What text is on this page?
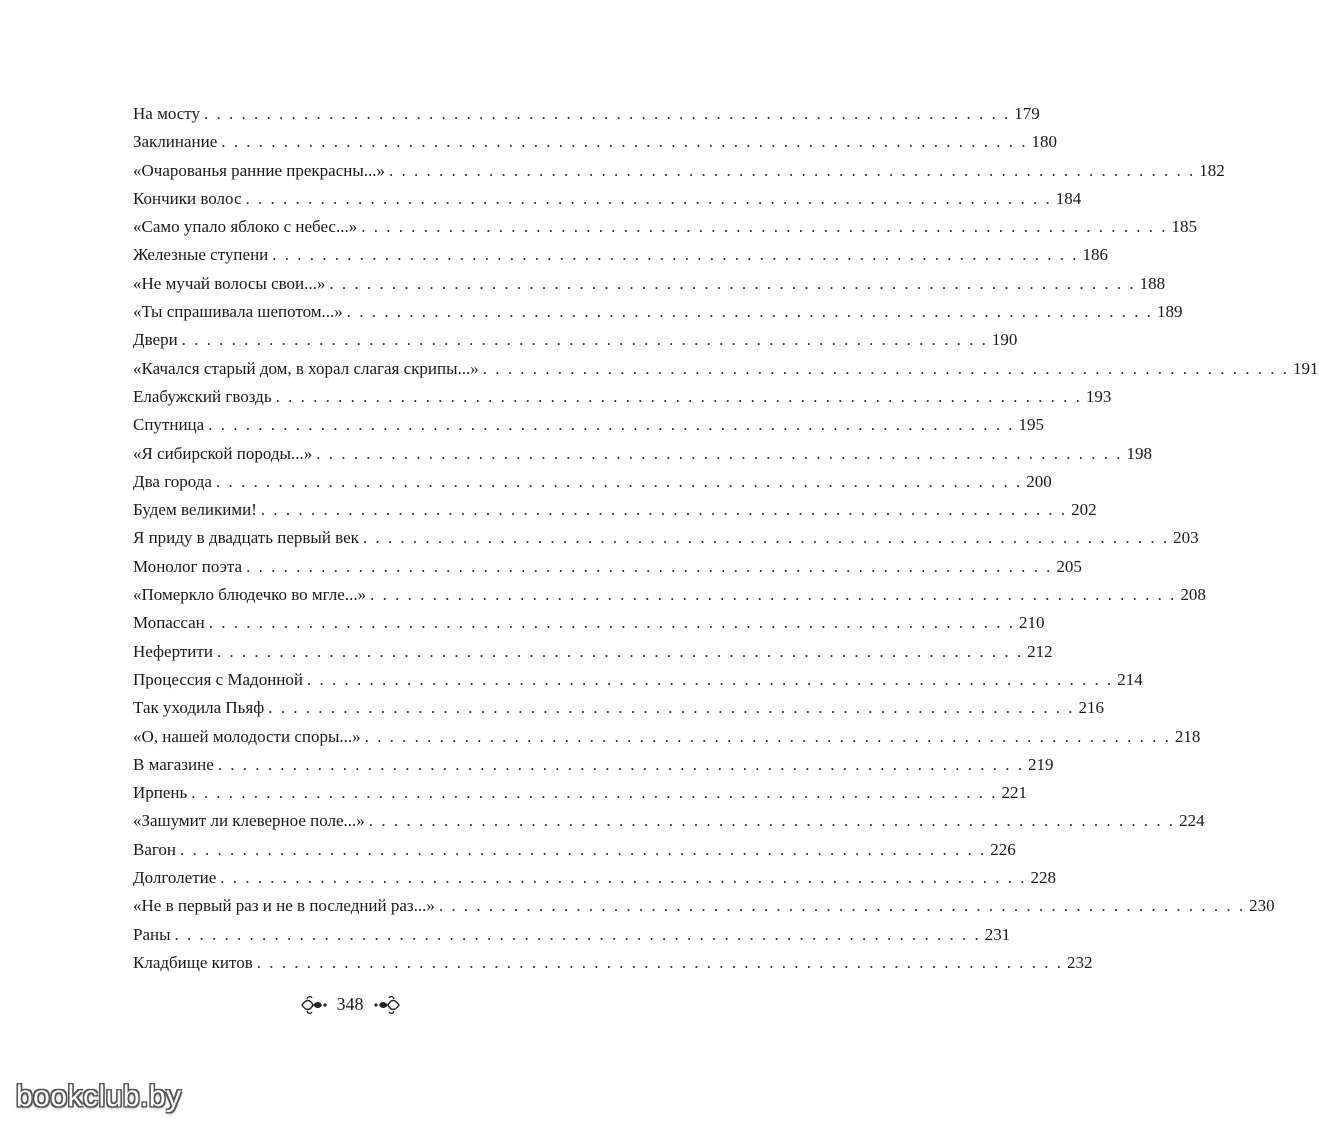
На мосту . . . . . . . . . . . . . . . . . . . . . . . . . . . . . . . . . . . . . . . . . . . . . . . . . . . . . . . . . . . . . . . . . 179
Заклинание . . . . . . . . . . . . . . . . . . . . . . . . . . . . . . . . . . . . . . . . . . . . . . . . . . . . . . . . . . . . . . . . . 180
«Очарованья ранние прекрасны...» . . . . . . . . . . . . . . . . . . . . . . . . . . . . . . . . . . . . . . . . . . . . . . . . . . . . . . . . . . . . . . . . . 182
Кончики волос . . . . . . . . . . . . . . . . . . . . . . . . . . . . . . . . . . . . . . . . . . . . . . . . . . . . . . . . . . . . . . . . . 184
«Само упало яблоко с небес...» . . . . . . . . . . . . . . . . . . . . . . . . . . . . . . . . . . . . . . . . . . . . . . . . . . . . . . . . . . . . . . . . . 185
Железные ступени . . . . . . . . . . . . . . . . . . . . . . . . . . . . . . . . . . . . . . . . . . . . . . . . . . . . . . . . . . . . . . . . . 186
«Не мучай волосы свои...» . . . . . . . . . . . . . . . . . . . . . . . . . . . . . . . . . . . . . . . . . . . . . . . . . . . . . . . . . . . . . . . . . 188
«Ты спрашивала шепотом...» . . . . . . . . . . . . . . . . . . . . . . . . . . . . . . . . . . . . . . . . . . . . . . . . . . . . . . . . . . . . . . . . . 189
Двери . . . . . . . . . . . . . . . . . . . . . . . . . . . . . . . . . . . . . . . . . . . . . . . . . . . . . . . . . . . . . . . . . 190
«Качался старый дом, в хорал слагая скрипы...» . . . . . . . . . . . . . . . . . . . . . . . . . . . . . . . . . . . . . . . . . . . . . . . . . . . . . . . . . . . . . . . . . 191
Елабужский гвоздь . . . . . . . . . . . . . . . . . . . . . . . . . . . . . . . . . . . . . . . . . . . . . . . . . . . . . . . . . . . . . . . . . 193
Спутница . . . . . . . . . . . . . . . . . . . . . . . . . . . . . . . . . . . . . . . . . . . . . . . . . . . . . . . . . . . . . . . . . 195
«Я сибирской породы...» . . . . . . . . . . . . . . . . . . . . . . . . . . . . . . . . . . . . . . . . . . . . . . . . . . . . . . . . . . . . . . . . . 198
Два города . . . . . . . . . . . . . . . . . . . . . . . . . . . . . . . . . . . . . . . . . . . . . . . . . . . . . . . . . . . . . . . . . 200
Будем великими! . . . . . . . . . . . . . . . . . . . . . . . . . . . . . . . . . . . . . . . . . . . . . . . . . . . . . . . . . . . . . . . . . 202
Я приду в двадцать первый век . . . . . . . . . . . . . . . . . . . . . . . . . . . . . . . . . . . . . . . . . . . . . . . . . . . . . . . . . . . . . . . . . 203
Монолог поэта . . . . . . . . . . . . . . . . . . . . . . . . . . . . . . . . . . . . . . . . . . . . . . . . . . . . . . . . . . . . . . . . . 205
«Померкло блюдечко во мгле...» . . . . . . . . . . . . . . . . . . . . . . . . . . . . . . . . . . . . . . . . . . . . . . . . . . . . . . . . . . . . . . . . . 208
Мопассан . . . . . . . . . . . . . . . . . . . . . . . . . . . . . . . . . . . . . . . . . . . . . . . . . . . . . . . . . . . . . . . . . 210
Нефертити . . . . . . . . . . . . . . . . . . . . . . . . . . . . . . . . . . . . . . . . . . . . . . . . . . . . . . . . . . . . . . . . . 212
Процессия с Мадонной . . . . . . . . . . . . . . . . . . . . . . . . . . . . . . . . . . . . . . . . . . . . . . . . . . . . . . . . . . . . . . . . . 214
Так уходила Пьяф . . . . . . . . . . . . . . . . . . . . . . . . . . . . . . . . . . . . . . . . . . . . . . . . . . . . . . . . . . . . . . . . . 216
«О, нашей молодости споры...» . . . . . . . . . . . . . . . . . . . . . . . . . . . . . . . . . . . . . . . . . . . . . . . . . . . . . . . . . . . . . . . . . 218
В магазине . . . . . . . . . . . . . . . . . . . . . . . . . . . . . . . . . . . . . . . . . . . . . . . . . . . . . . . . . . . . . . . . . 219
Ирпень . . . . . . . . . . . . . . . . . . . . . . . . . . . . . . . . . . . . . . . . . . . . . . . . . . . . . . . . . . . . . . . . . 221
«Зашумит ли клеверное поле...» . . . . . . . . . . . . . . . . . . . . . . . . . . . . . . . . . . . . . . . . . . . . . . . . . . . . . . . . . . . . . . . . . 224
Вагон . . . . . . . . . . . . . . . . . . . . . . . . . . . . . . . . . . . . . . . . . . . . . . . . . . . . . . . . . . . . . . . . . 226
Долголетие . . . . . . . . . . . . . . . . . . . . . . . . . . . . . . . . . . . . . . . . . . . . . . . . . . . . . . . . . . . . . . . . . 228
«Не в первый раз и не в последний раз...» . . . . . . . . . . . . . . . . . . . . . . . . . . . . . . . . . . . . . . . . . . . . . . . . . . . . . . . . . . . . . . . . . 230
Раны . . . . . . . . . . . . . . . . . . . . . . . . . . . . . . . . . . . . . . . . . . . . . . . . . . . . . . . . . . . . . . . . . 231
Кладбище китов . . . . . . . . . . . . . . . . . . . . . . . . . . . . . . . . . . . . . . . . . . . . . . . . . . . . . . . . . . . . . . . . . 232
348
bookclub.by
